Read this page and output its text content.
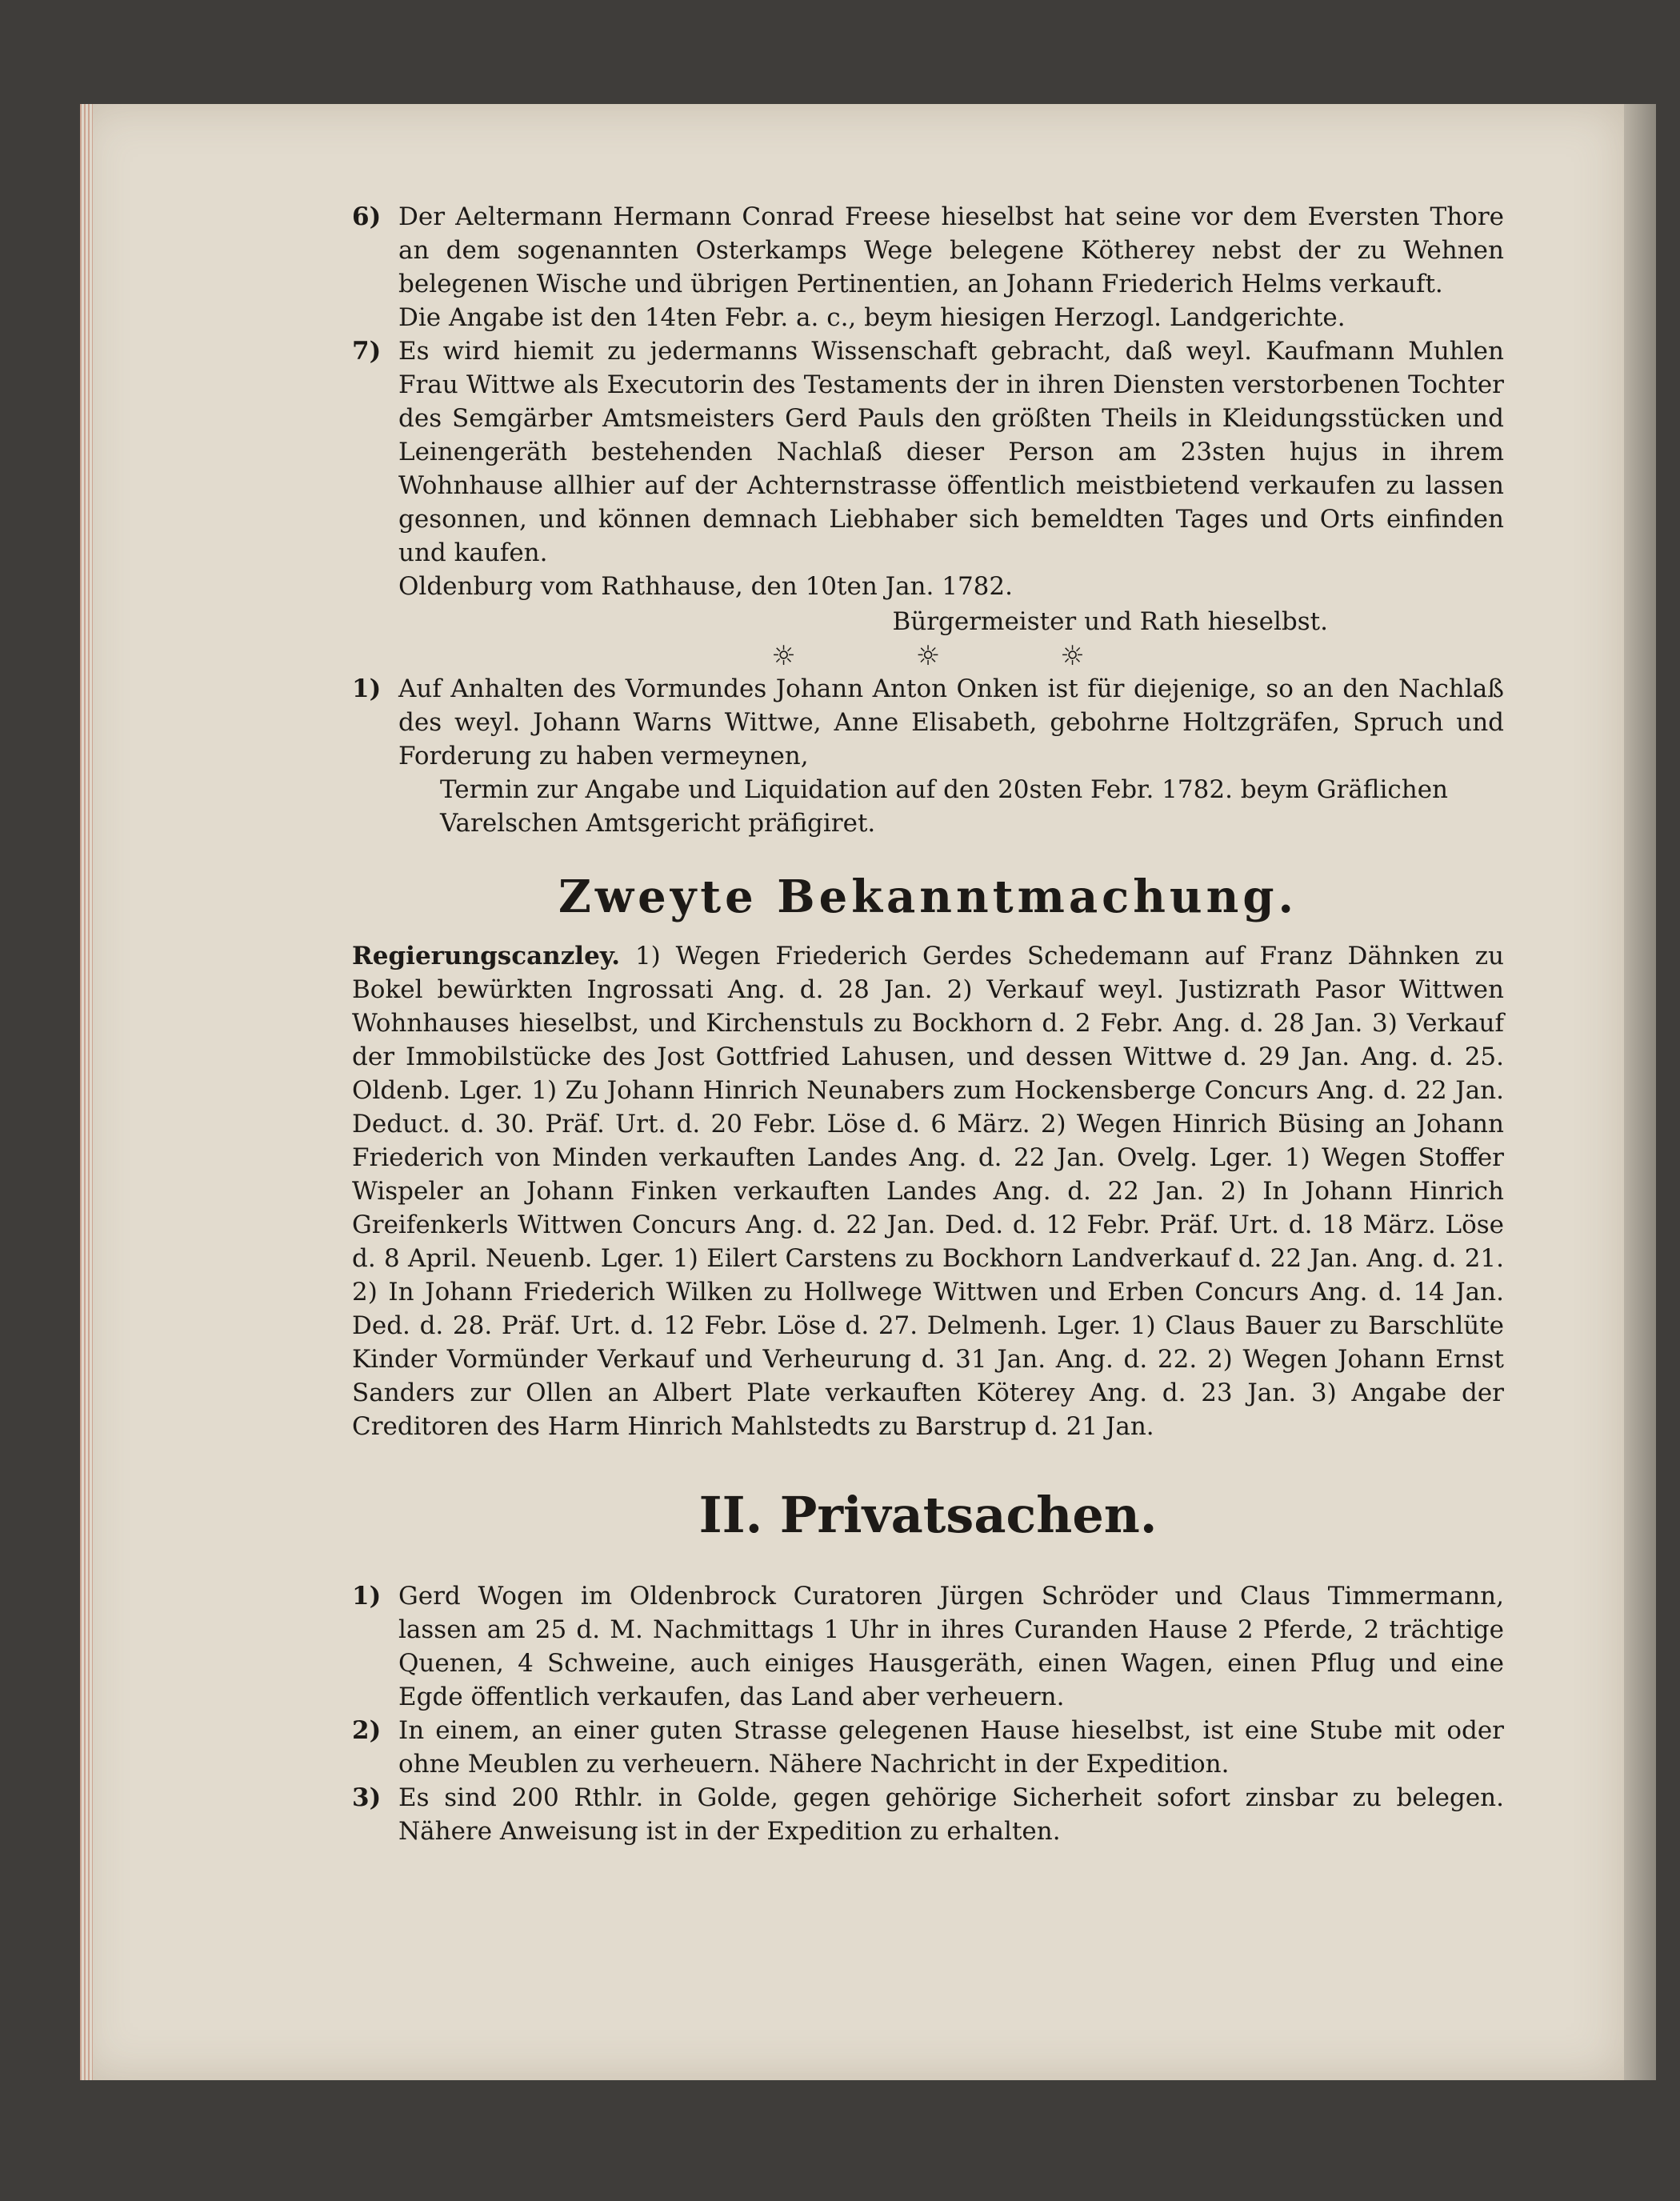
6) Der Aeltermann Hermann Conrad Freese hieselbst hat seine vor dem Eversten Thore an dem sogenannten Osterkamps Wege belegene Kötherey nebst der zu Wehnen belegenen Wische und übrigen Pertinentien, an Johann Friederich Helms verkauft.
Die Angabe ist den 14ten Febr. a. c., beym hiesigen Herzogl. Landgerichte.
7) Es wird hiemit zu jedermanns Wissenschaft gebracht, daß weyl. Kaufmann Muhlen Frau Wittwe als Executorin des Testaments der in ihren Diensten verstorbenen Tochter des Semgärber Amtsmeisters Gerd Pauls den größten Theils in Kleidungsstücken und Leinengeräth bestehenden Nachlaß dieser Person am 23sten hujus in ihrem Wohnhause allhier auf der Achternstrasse öffentlich meistbietend verkaufen zu lassen gesonnen, und können demnach Liebhaber sich bemeldten Tages und Orts einfinden und kaufen.
Oldenburg vom Rathhause, den 10ten Jan. 1782.
Bürgermeister und Rath hieselbst.
☼	☼	☼
1) Auf Anhalten des Vormundes Johann Anton Onken ist für diejenige, so an den Nachlaß des weyl. Johann Warns Wittwe, Anne Elisabeth, gebohrne Holtzgräfen, Spruch und Forderung zu haben vermeynen,
Termin zur Angabe und Liquidation auf den 20sten Febr. 1782. beym Gräflichen Varelschen Amtsgericht präfigiret.
Zweyte Bekanntmachung.
Regierungscanzley. 1) Wegen Friederich Gerdes Schedemann auf Franz Dähnken zu Bokel bewürkten Ingrossati Ang. d. 28 Jan. 2) Verkauf weyl. Justizrath Pasor Wittwen Wohnhauses hieselbst, und Kirchenstuls zu Bockhorn d. 2 Febr. Ang. d. 28 Jan. 3) Verkauf der Immobilstücke des Jost Gottfried Lahusen, und dessen Wittwe d. 29 Jan. Ang. d. 25. Oldenb. Lger. 1) Zu Johann Hinrich Neunabers zum Hockensberge Concurs Ang. d. 22 Jan. Deduct. d. 30. Präf. Urt. d. 20 Febr. Löse d. 6 März. 2) Wegen Hinrich Büsing an Johann Friederich von Minden verkauften Landes Ang. d. 22 Jan. Ovelg. Lger. 1) Wegen Stoffer Wispeler an Johann Finken verkauften Landes Ang. d. 22 Jan. 2) In Johann Hinrich Greifenkerls Wittwen Concurs Ang. d. 22 Jan. Ded. d. 12 Febr. Präf. Urt. d. 18 März. Löse d. 8 April. Neuenb. Lger. 1) Eilert Carstens zu Bockhorn Landverkauf d. 22 Jan. Ang. d. 21. 2) In Johann Friederich Wilken zu Hollwege Wittwen und Erben Concurs Ang. d. 14 Jan. Ded. d. 28. Präf. Urt. d. 12 Febr. Löse d. 27. Delmenh. Lger. 1) Claus Bauer zu Barschlüte Kinder Vormünder Verkauf und Verheurung d. 31 Jan. Ang. d. 22. 2) Wegen Johann Ernst Sanders zur Ollen an Albert Plate verkauften Köterey Ang. d. 23 Jan. 3) Angabe der Creditoren des Harm Hinrich Mahlstedts zu Barstrup d. 21 Jan.
II. Privatsachen.
1) Gerd Wogen im Oldenbrock Curatoren Jürgen Schröder und Claus Timmermann, lassen am 25 d. M. Nachmittags 1 Uhr in ihres Curanden Hause 2 Pferde, 2 trächtige Quenen, 4 Schweine, auch einiges Hausgeräth, einen Wagen, einen Pflug und eine Egde öffentlich verkaufen, das Land aber verheuern.
2) In einem, an einer guten Strasse gelegenen Hause hieselbst, ist eine Stube mit oder ohne Meublen zu verheuern. Nähere Nachricht in der Expedition.
3) Es sind 200 Rthlr. in Golde, gegen gehörige Sicherheit sofort zinsbar zu belegen. Nähere Anweisung ist in der Expedition zu erhalten.
